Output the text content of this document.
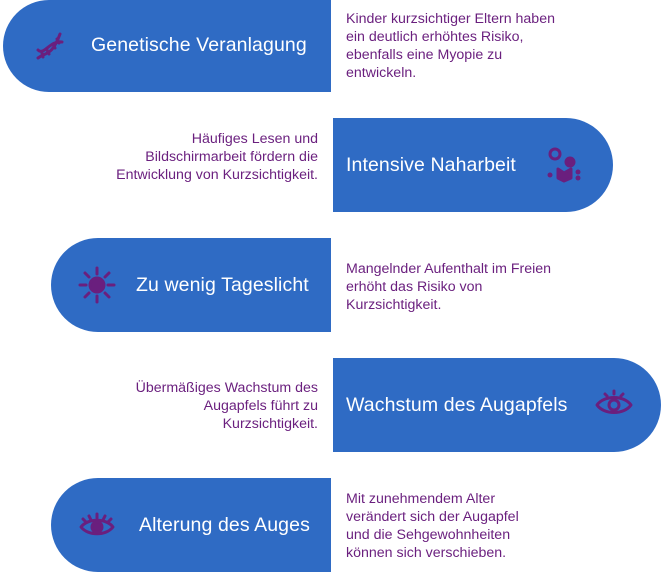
Genetische Veranlagung
Kinder kurzsichtiger Eltern haben ein deutlich erhöhtes Risiko, ebenfalls eine Myopie zu entwickeln.
Häufiges Lesen und Bildschirmarbeit fördern die Entwicklung von Kurzsichtigkeit. Intensive Naharbeit
Zu wenig Tageslicht
Mangelnder Aufenthalt im Freien erhöht das Risiko von Kurzsichtigkeit.
Übermäßiges Wachstum des Augapfels führt zu Kurzsichtigkeit.
Wachstum des Augapfels
Alterung des Auges
Mit zunehmendem Alter verändert sich der Augapfel und die Sehgewohnheiten können sich verschieben.
